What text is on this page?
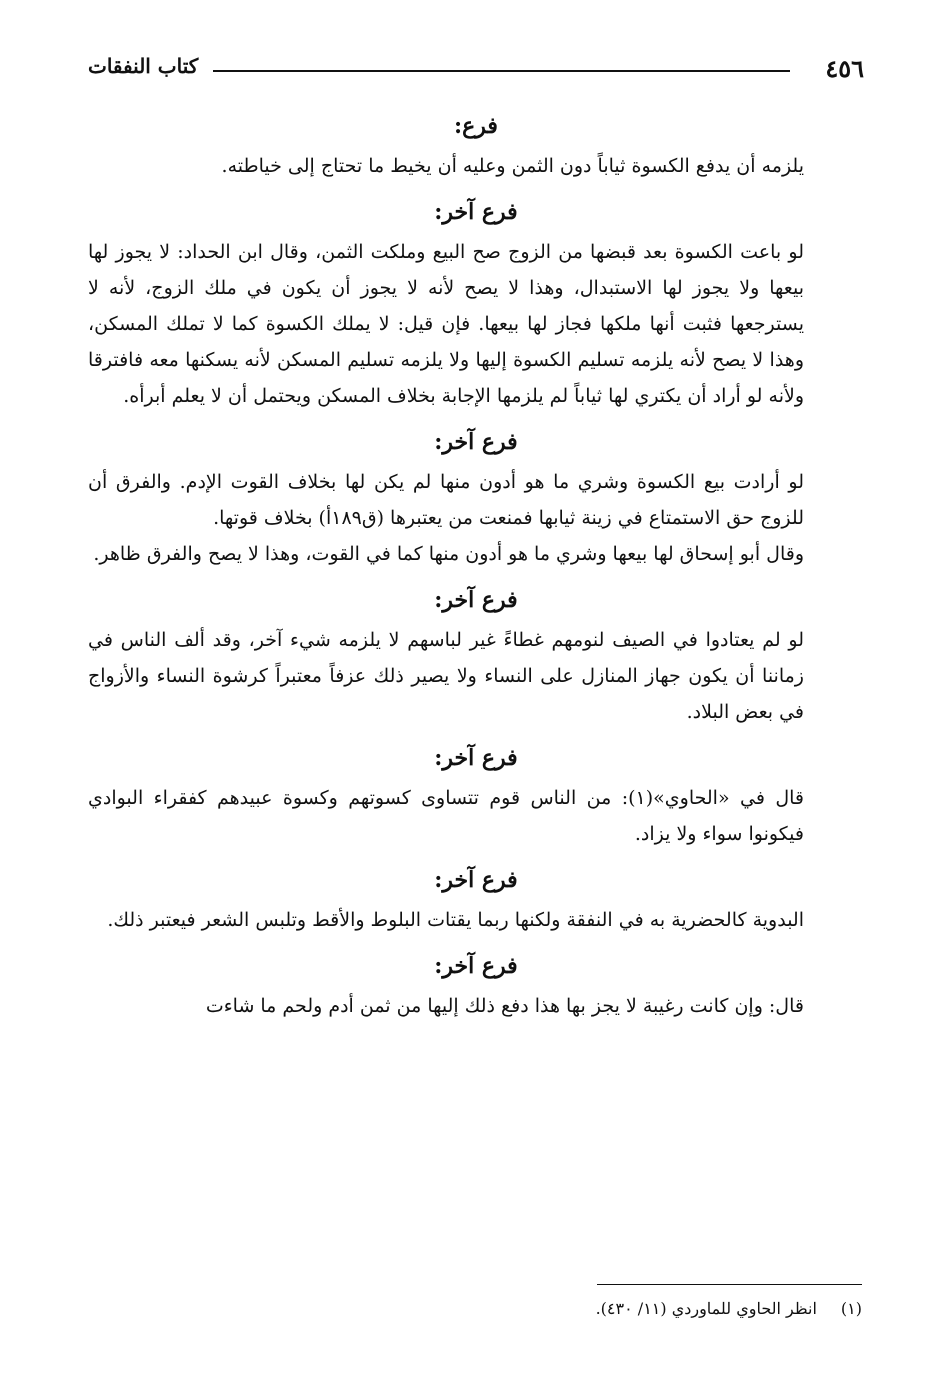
٤٥٦
كتاب النفقات
فرع:

يلزمه أن يدفع الكسوة ثياباً دون الثمن وعليه أن يخيط ما تحتاج إلى خياطته.

فرع آخر:

لو باعت الكسوة بعد قبضها من الزوج صح البيع وملكت الثمن، وقال ابن الحداد: لا يجوز لها بيعها ولا يجوز لها الاستبدال، وهذا لا يصح لأنه لا يجوز أن يكون في ملك الزوج، لأنه لا يسترجعها فثبت أنها ملكها فجاز لها بيعها. فإن قيل: لا يملك الكسوة كما لا تملك المسكن، وهذا لا يصح لأنه يلزمه تسليم الكسوة إليها ولا يلزمه تسليم المسكن لأنه يسكنها معه فافترقا ولأنه لو أراد أن يكتري لها ثياباً لم يلزمها الإجابة بخلاف المسكن ويحتمل أن لا يعلم أبرأه.

فرع آخر:

لو أرادت بيع الكسوة وشري ما هو أدون منها لم يكن لها بخلاف القوت الإدم. والفرق أن للزوج حق الاستمتاع في زينة ثيابها فمنعت من يعتبرها (ق١٨٩أ) بخلاف قوتها.

وقال أبو إسحاق لها بيعها وشري ما هو أدون منها كما في القوت، وهذا لا يصح والفرق ظاهر.

فرع آخر:

لو لم يعتادوا في الصيف لنومهم غطاءً غير لباسهم لا يلزمه شيء آخر، وقد ألف الناس في زماننا أن يكون جهاز المنازل على النساء ولا يصير ذلك عزفاً معتبراً كرشوة النساء والأزواج في بعض البلاد.

فرع آخر:

قال في «الحاوي»(١): من الناس قوم تتساوى كسوتهم وكسوة عبيدهم كفقراء البوادي فيكونوا سواء ولا يزاد.

فرع آخر:

البدوية كالحضرية به في النفقة ولكنها ربما يقتات البلوط والأقط وتلبس الشعر فيعتبر ذلك.

فرع آخر:

قال: وإن كانت رغيبة لا يجز بها هذا دفع ذلك إليها من ثمن أدم ولحم ما شاءت

(١) انظر الحاوي للماوردي (١١/ ٤٣٠).
